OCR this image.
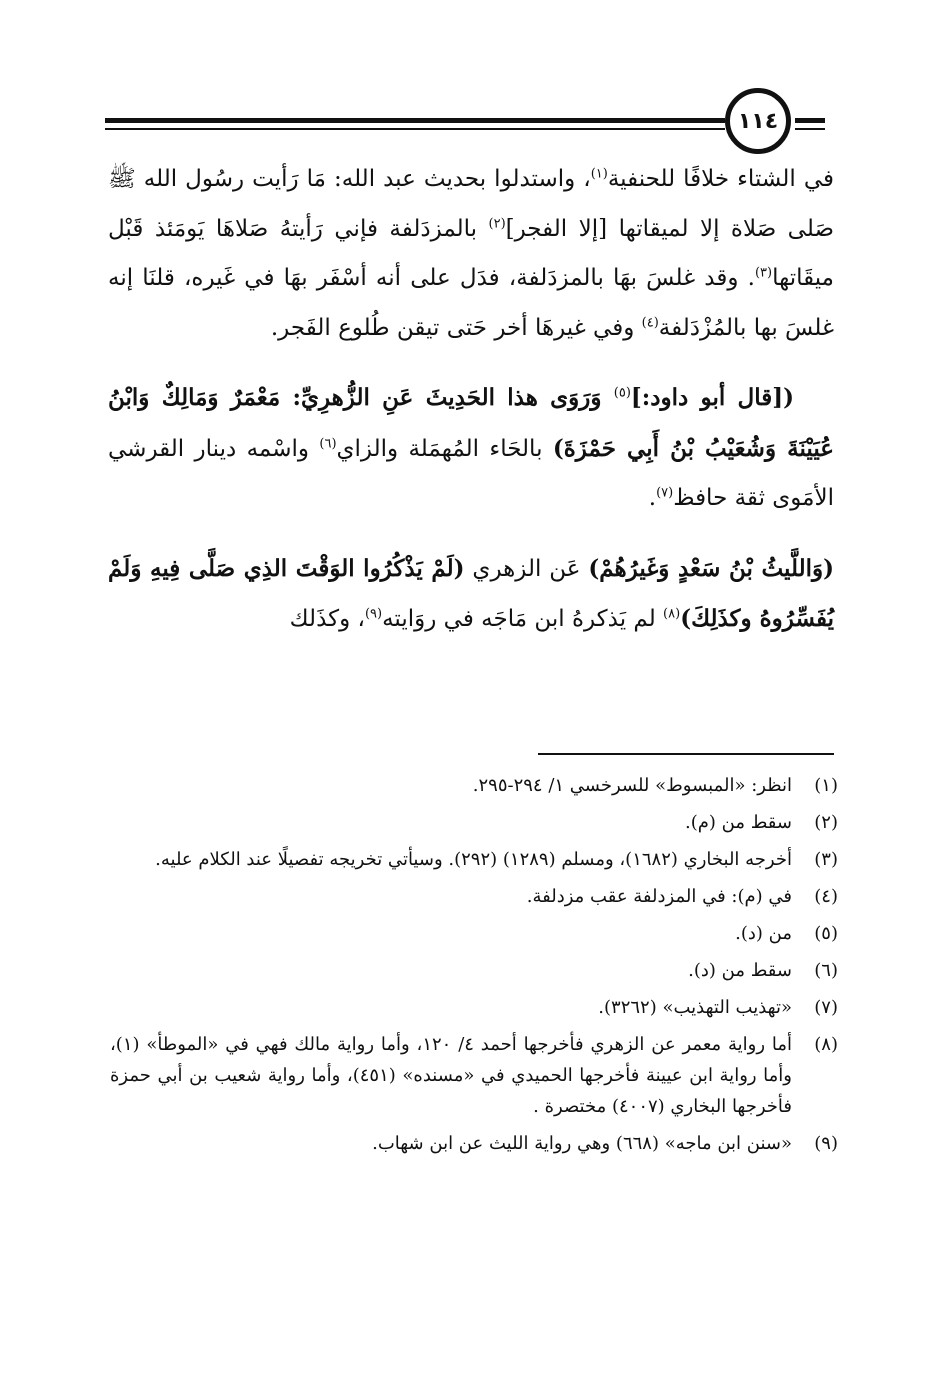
١١٤

في الشتاء خلافًا للحنفية$^{(١)}$، واستدلوا بحديث عبد الله: مَا رَأيت رسُول الله ﷺ صَلى صَلاة إلا لميقاتها [إلا الفجر]$^{(٢)}$ بالمزدَلفة فإني رَأيتهُ صَلاهَا يَومَئذ قَبْل ميقَاتها$^{(٣)}$. وقد غلسَ بهَا بالمزدَلفة، فدَل على أنه أسْفَر بهَا في غَيره، قلنَا إنه غلسَ بها بالمُزْدَلفة$^{(٤)}$ وفي غيرهَا أخر حَتى تيقن طُلوع الفَجر.

([قال أبو داود:]$^{(٥)}$ وَرَوَى هذا الحَدِيثَ عَنِ الزُّهرِيِّ: مَعْمَرٌ وَمَالِكٌ وَابْنُ عُيَيْنَةَ وَشُعَيْبُ بْنُ أَبِي حَمْزَةَ) بالحَاء المُهمَلة والزاي$^{(٦)}$ واسْمه دينار القرشي الأمَوى ثقة حافظ$^{(٧)}$.

(وَاللَّيثُ بْنُ سَعْدٍ وَغَيرُهُمْ) عَن الزهري (لَمْ يَذْكُرُوا الوَقْتَ الذِي صَلَّى فِيهِ وَلَمْ يُفَسِّرُوهُ وكذَلِكَ)$^{(٨)}$ لم يَذكرهُ ابن مَاجَه في روَايته$^{(٩)}$، وكذَلك

(١)
انظر: «المبسوط» للسرخسي ١/ ٢٩٤-٢٩٥.
(٢)
سقط من (م).
(٣)
أخرجه البخاري (١٦٨٢)، ومسلم (١٢٨٩) (٢٩٢). وسيأتي تخريجه تفصيلًا عند الكلام عليه.
(٤)
في (م): في المزدلفة عقب مزدلفة.
(٥)
من (د).
(٦)
سقط من (د).
(٧)
«تهذيب التهذيب» (٣٢٦٢).
(٨)
أما رواية معمر عن الزهري فأخرجها أحمد ٤/ ١٢٠، وأما رواية مالك فهي في «الموطأ» (١)، وأما رواية ابن عيينة فأخرجها الحميدي في «مسنده» (٤٥١)، وأما رواية شعيب بن أبي حمزة فأخرجها البخاري (٤٠٠٧) مختصرة .
(٩)
«سنن ابن ماجه» (٦٦٨) وهي رواية الليث عن ابن شهاب.
